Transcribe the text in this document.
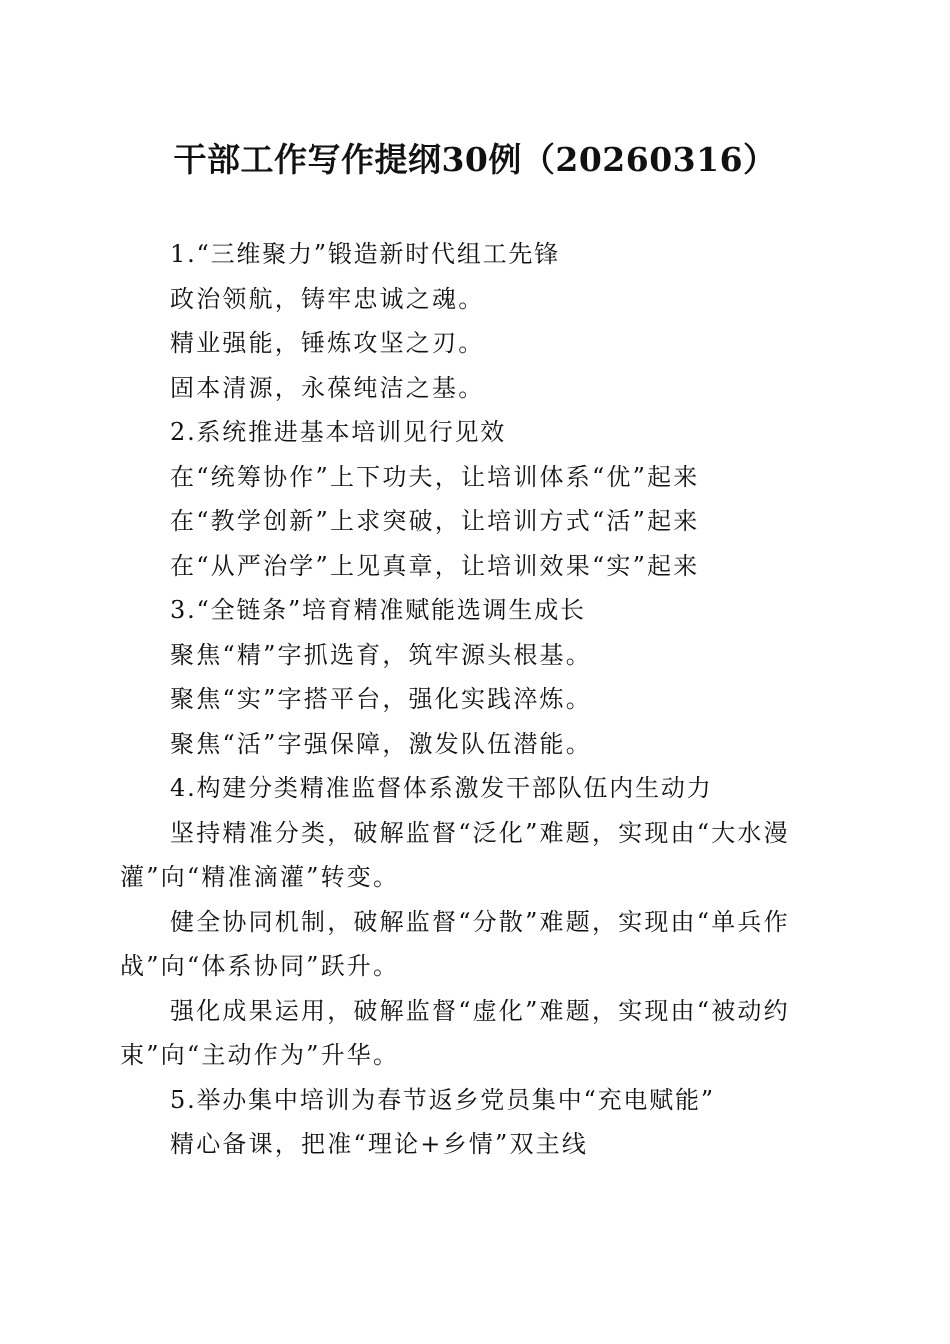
干部工作写作提纲30例（20260316）
1.“三维聚力”锻造新时代组工先锋
政治领航，铸牢忠诚之魂。
精业强能，锤炼攻坚之刃。
固本清源，永葆纯洁之基。
2.系统推进基本培训见行见效
在“统筹协作”上下功夫，让培训体系“优”起来
在“教学创新”上求突破，让培训方式“活”起来
在“从严治学”上见真章，让培训效果“实”起来
3.“全链条”培育精准赋能选调生成长
聚焦“精”字抓选育，筑牢源头根基。
聚焦“实”字搭平台，强化实践淬炼。
聚焦“活”字强保障，激发队伍潜能。
4.构建分类精准监督体系激发干部队伍内生动力
坚持精准分类，破解监督“泛化”难题，实现由“大水漫灌”向“精准滴灌”转变。
健全协同机制，破解监督“分散”难题，实现由“单兵作战”向“体系协同”跃升。
强化成果运用，破解监督“虚化”难题，实现由“被动约束”向“主动作为”升华。
5.举办集中培训为春节返乡党员集中“充电赋能”
精心备课，把准“理论+乡情”双主线
